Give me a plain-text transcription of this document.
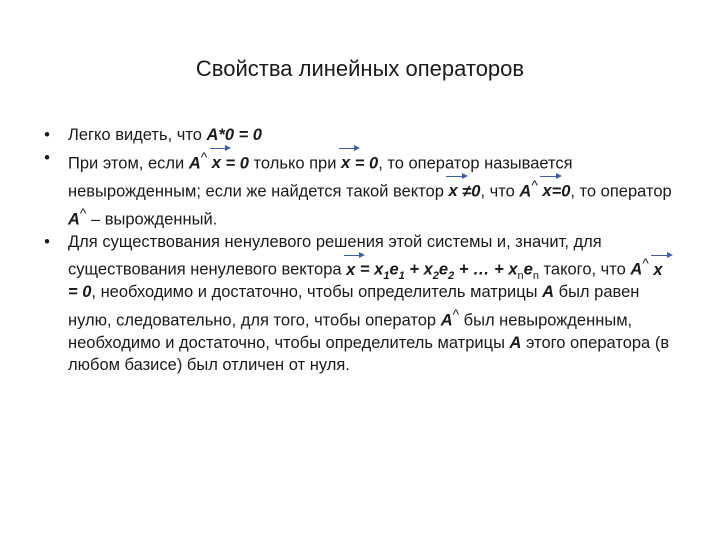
Свойства линейных операторов
•	Легко видеть, что A*0 = 0
•	При этом, если A^ x = 0 только при x = 0, то оператор называется невырожденным; если же найдется такой вектор x ≠0, что A^ x=0, то оператор A^ – вырожденный.
•	Для существования ненулевого решения этой системы и, значит, для существования ненулевого вектора $x = x_1e_1 + x_2e_2$ + … + $x_ne_n$ такого, что A^ x = 0, необходимо и достаточно, чтобы определитель матрицы A был равен нулю, следовательно, для того, чтобы оператор A^ был невырожденным, необходимо и достаточно, чтобы определитель матрицы A этого оператора (в любом базисе) был отличен от нуля.
